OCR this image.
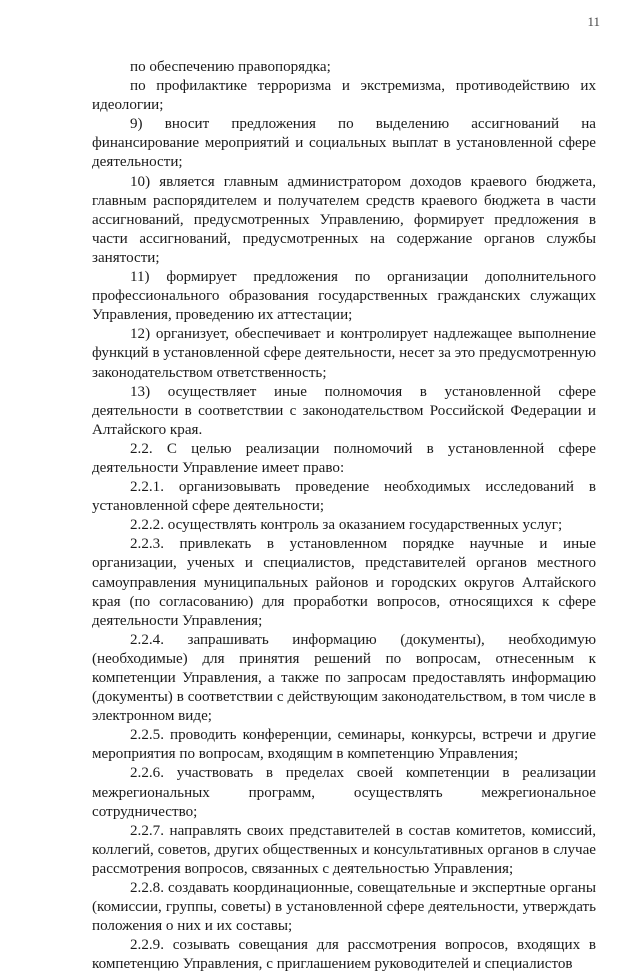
11

по обеспечению правопорядка;

по профилактике терроризма и экстремизма, противодействию их идеологии;

9) вносит предложения по выделению ассигнований на финансирование мероприятий и социальных выплат в установленной сфере деятельности;

10) является главным администратором доходов краевого бюджета, главным распорядителем и получателем средств краевого бюджета в части ассигнований, предусмотренных Управлению, формирует предложения в части ассигнований, предусмотренных на содержание органов службы занятости;

11) формирует предложения по организации дополнительного профессионального образования государственных гражданских служащих Управления, проведению их аттестации;

12) организует, обеспечивает и контролирует надлежащее выполнение функций в установленной сфере деятельности, несет за это предусмотренную законодательством ответственность;

13) осуществляет иные полномочия в установленной сфере деятельности в соответствии с законодательством Российской Федерации и Алтайского края.

2.2. С целью реализации полномочий в установленной сфере деятельности Управление имеет право:

2.2.1. организовывать проведение необходимых исследований в установленной сфере деятельности;

2.2.2. осуществлять контроль за оказанием государственных услуг;

2.2.3. привлекать в установленном порядке научные и иные организации, ученых и специалистов, представителей органов местного самоуправления муниципальных районов и городских округов Алтайского края (по согласованию) для проработки вопросов, относящихся к сфере деятельности Управления;

2.2.4. запрашивать информацию (документы), необходимую (необходимые) для принятия решений по вопросам, отнесенным к компетенции Управления, а также по запросам предоставлять информацию (документы) в соответствии с действующим законодательством, в том числе в электронном виде;

2.2.5. проводить конференции, семинары, конкурсы, встречи и другие мероприятия по вопросам, входящим в компетенцию Управления;

2.2.6. участвовать в пределах своей компетенции в реализации межрегиональных программ, осуществлять межрегиональное сотрудничество;

2.2.7. направлять своих представителей в состав комитетов, комиссий, коллегий, советов, других общественных и консультативных органов в случае рассмотрения вопросов, связанных с деятельностью Управления;

2.2.8. создавать координационные, совещательные и экспертные органы (комиссии, группы, советы) в установленной сфере деятельности, утверждать положения о них и их составы;

2.2.9. созывать совещания для рассмотрения вопросов, входящих в компетенцию Управления, с приглашением руководителей и специалистов
